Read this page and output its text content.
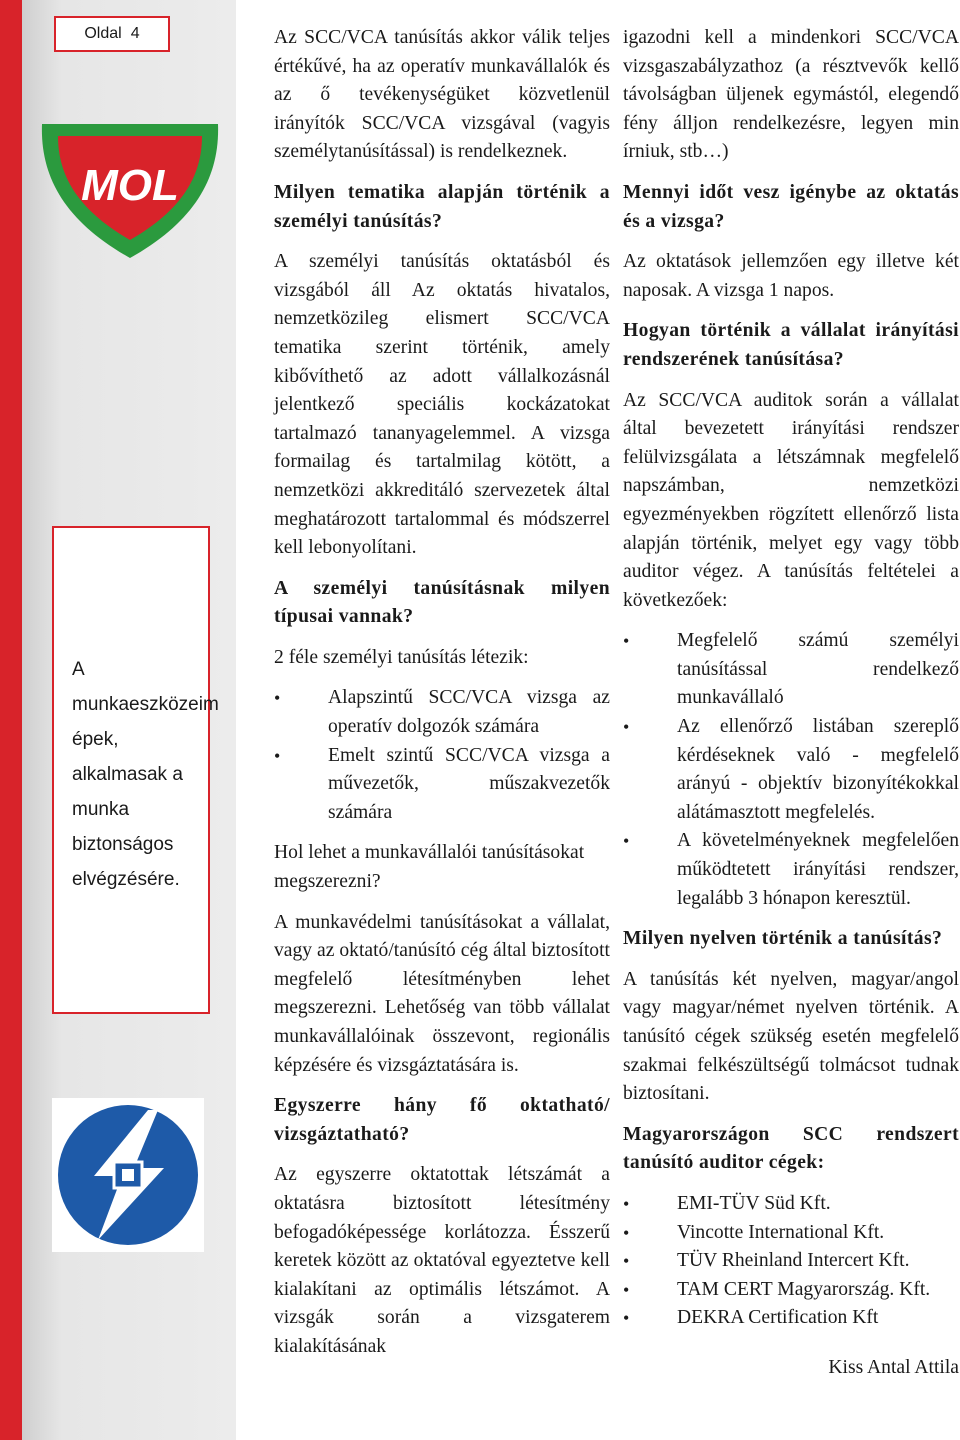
Oldal 4
MOL

A munkaeszközeim épek, alkalmasak a munka biztonságos elvégzésére.

Az SCC/VCA tanúsítás akkor válik teljes értékűvé, ha az operatív munkavállalók és az ő tevékenységüket közvetlenül irányítók SCC/VCA vizsgával (vagyis személytanúsítással) is rendelkeznek.

Milyen tematika alapján történik a személyi tanúsítás?

A személyi tanúsítás oktatásból és vizsgából áll Az oktatás hivatalos, nemzetközileg elismert SCC/VCA tematika szerint történik, amely kibővíthető az adott vállalkozásnál jelentkező speciális kockázatokat tartalmazó tananyagelemmel. A vizsga formailag és tartalmilag kötött, a nemzetközi akkreditáló szervezetek által meghatározott tartalommal és módszerrel kell lebonyolítani.

A személyi tanúsításnak milyen típusai vannak?

2 féle személyi tanúsítás létezik:

• Alapszintű SCC/VCA vizsga az operatív dolgozók számára
• Emelt szintű SCC/VCA vizsga a művezetők, műszakvezetők számára

Hol lehet a munkavállalói tanúsításokat megszerezni?

A munkavédelmi tanúsításokat a vállalat, vagy az oktató/tanúsító cég által biztosított megfelelő létesítményben lehet megszerezni. Lehetőség van több vállalat munkavállalóinak összevont, regionális képzésére és vizsgáztatására is.

Egyszerre hány fő oktatható/ vizsgáztatható?

Az egyszerre oktatottak létszámát a oktatásra biztosított létesítmény befogadóképessége korlátozza. Ésszerű keretek között az oktatóval egyeztetve kell kialakítani az optimális létszámot. A vizsgák során a vizsgaterem kialakításának

igazodni kell a mindenkori SCC/VCA vizsgaszabályzathoz (a résztvevők kellő távolságban üljenek egymástól, elegendő fény álljon rendelkezésre, legyen min írniuk, stb…)

Mennyi időt vesz igénybe az oktatás és a vizsga?

Az oktatások jellemzően egy illetve két naposak. A vizsga 1 napos.

Hogyan történik a vállalat irányítási rendszerének tanúsítása?

Az SCC/VCA auditok során a vállalat által bevezetett irányítási rendszer felülvizsgálata a létszámnak megfelelő napszámban, nemzetközi egyezményekben rögzített ellenőrző lista alapján történik, melyet egy vagy több auditor végez. A tanúsítás feltételei a következőek:

• Megfelelő számú személyi tanúsítással rendelkező munkavállaló
• Az ellenőrző listában szereplő kérdéseknek való - megfelelő arányú - objektív bizonyítékokkal alátámasztott megfelelés.
• A követelményeknek megfelelően működtetett irányítási rendszer, legalább 3 hónapon keresztül.
Milyen nyelven történik a tanúsítás?

A tanúsítás két nyelven, magyar/angol vagy magyar/német nyelven történik. A tanúsító cégek szükség esetén megfelelő szakmai felkészültségű tolmácsot tudnak biztosítani.

Magyarországon SCC rendszert tanúsító auditor cégek:
• EMI-TÜV Süd Kft.
• Vincotte International Kft.
• TÜV Rheinland Intercert Kft.
• TAM CERT Magyarország. Kft.
• DEKRA Certification Kft
Kiss Antal Attila
